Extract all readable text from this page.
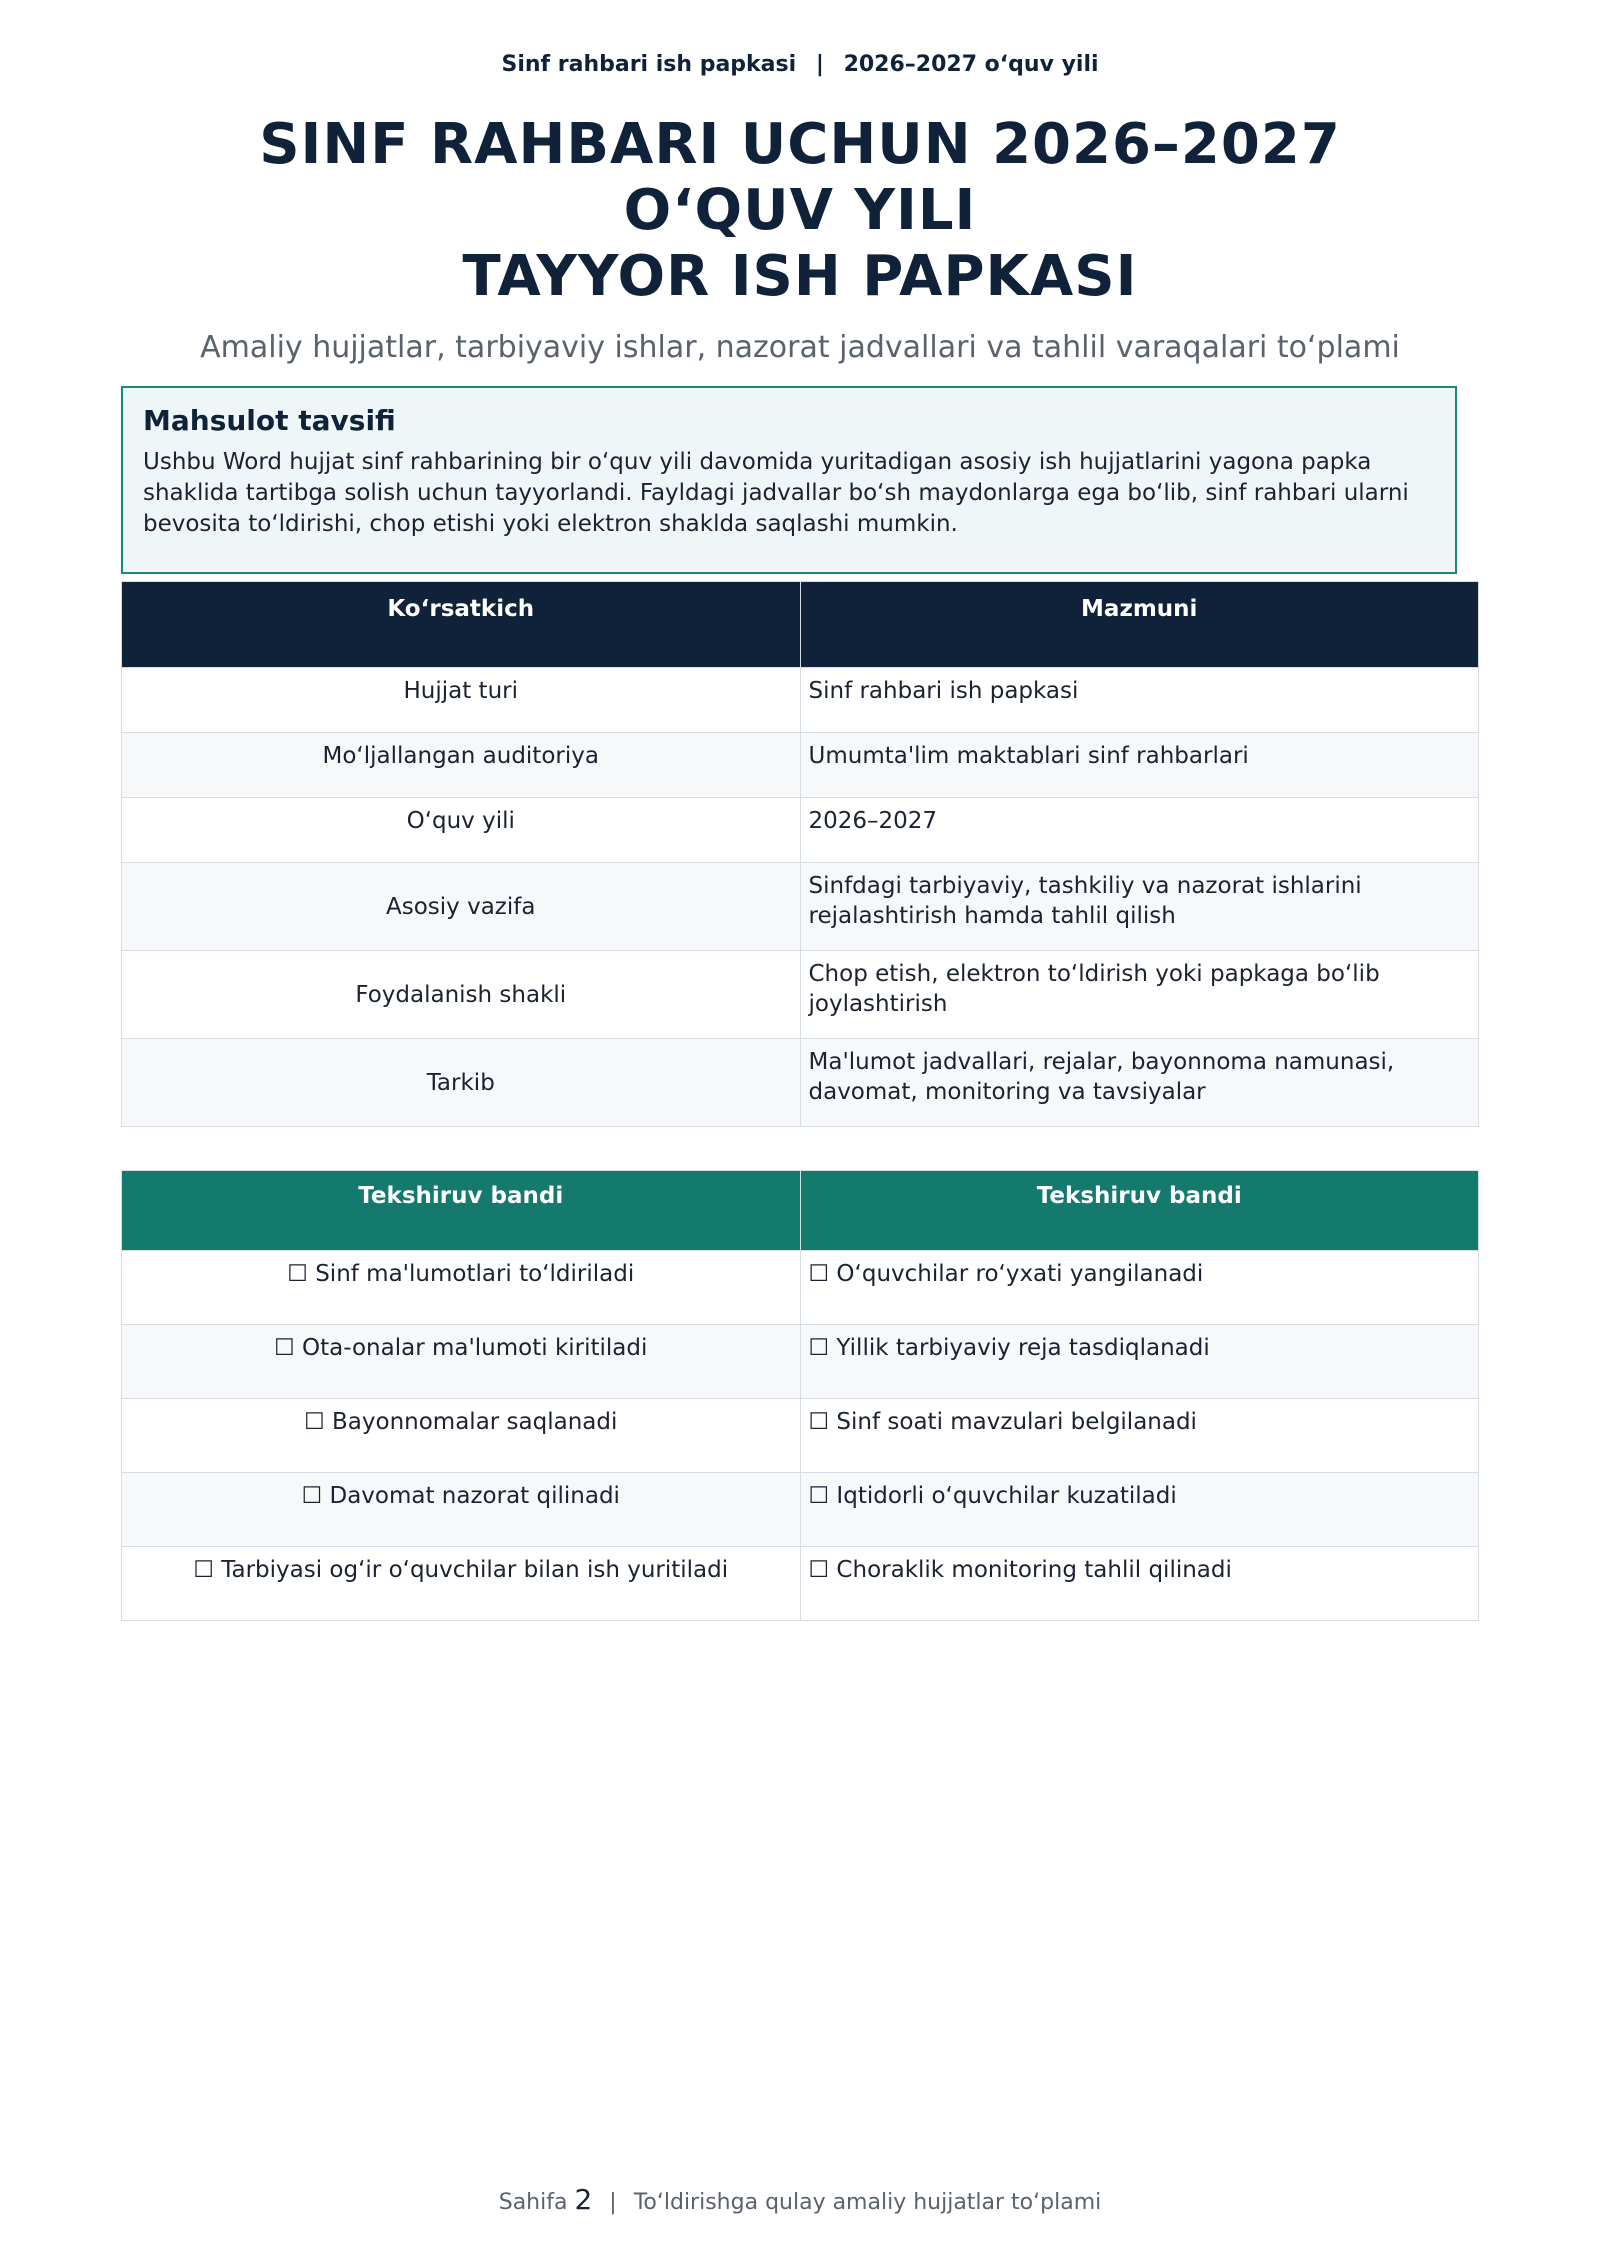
Sinf rahbari ish papkasi | 2026–2027 o‘quv yili
SINF RAHBARI UCHUN 2026–2027 O‘QUV YILI
TAYYOR ISH PAPKASI
Amaliy hujjatlar, tarbiyaviy ishlar, nazorat jadvallari va tahlil varaqalari to‘plami
Mahsulot tavsifi

Ushbu Word hujjat sinf rahbarining bir o‘quv yili davomida yuritadigan asosiy ish hujjatlarini yagona papka shaklida tartibga solish uchun tayyorlandi. Fayldagi jadvallar bo‘sh maydonlarga ega bo‘lib, sinf rahbari ularni bevosita to‘ldirishi, chop etishi yoki elektron shaklda saqlashi mumkin.

Ko‘rsatkich	Mazmuni
Hujjat turi	Sinf rahbari ish papkasi
Mo‘ljallangan auditoriya	Umumta'lim maktablari sinf rahbarlari
O‘quv yili	2026–2027
Asosiy vazifa	Sinfdagi tarbiyaviy, tashkiliy va nazorat ishlarini rejalashtirish hamda tahlil qilish
Foydalanish shakli	Chop etish, elektron to‘ldirish yoki papkaga bo‘lib joylashtirish
Tarkib	Ma'lumot jadvallari, rejalar, bayonnoma namunasi, davomat, monitoring va tavsiyalar
Tekshiruv bandi	Tekshiruv bandi
☐ Sinf ma'lumotlari to‘ldiriladi	☐ O‘quvchilar ro‘yxati yangilanadi
☐ Ota-onalar ma'lumoti kiritiladi	☐ Yillik tarbiyaviy reja tasdiqlanadi
☐ Bayonnomalar saqlanadi	☐ Sinf soati mavzulari belgilanadi
☐ Davomat nazorat qilinadi	☐ Iqtidorli o‘quvchilar kuzatiladi
☐ Tarbiyasi og‘ir o‘quvchilar bilan ish yuritiladi	☐ Choraklik monitoring tahlil qilinadi
Sahifa 2 | To‘ldirishga qulay amaliy hujjatlar to‘plami
